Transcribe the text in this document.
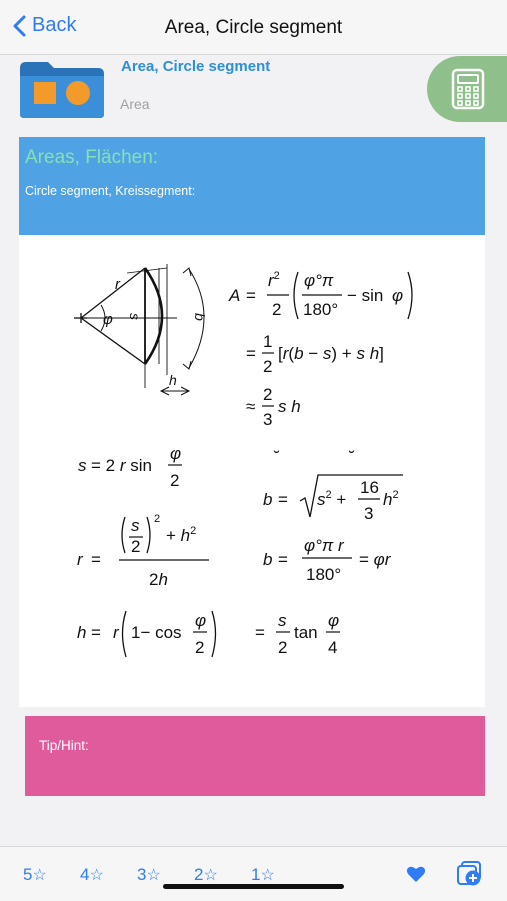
Back	Area, Circle segment
Area, Circle segment
Area
Areas, Flächen:
Circle segment, Kreissegment:
r
φ s	b
h
A =
$r^2$
2
φ°π
180°
− sin φ
=
1
2
[r(b − s) + s h]
≈
2
3
s h
s = 2 r sin
φ
2
˘	˘
$b = s^2$ +
16
3
$h^2$
r =
s
2
2
+ $h^2$
2h
b =
φ°π r
180°
= φr
h = r 1− cos
φ
2
=
s
2
tan
φ
4
Tip/Hint:
5☆ 4☆ 3☆ 2☆ 1☆
